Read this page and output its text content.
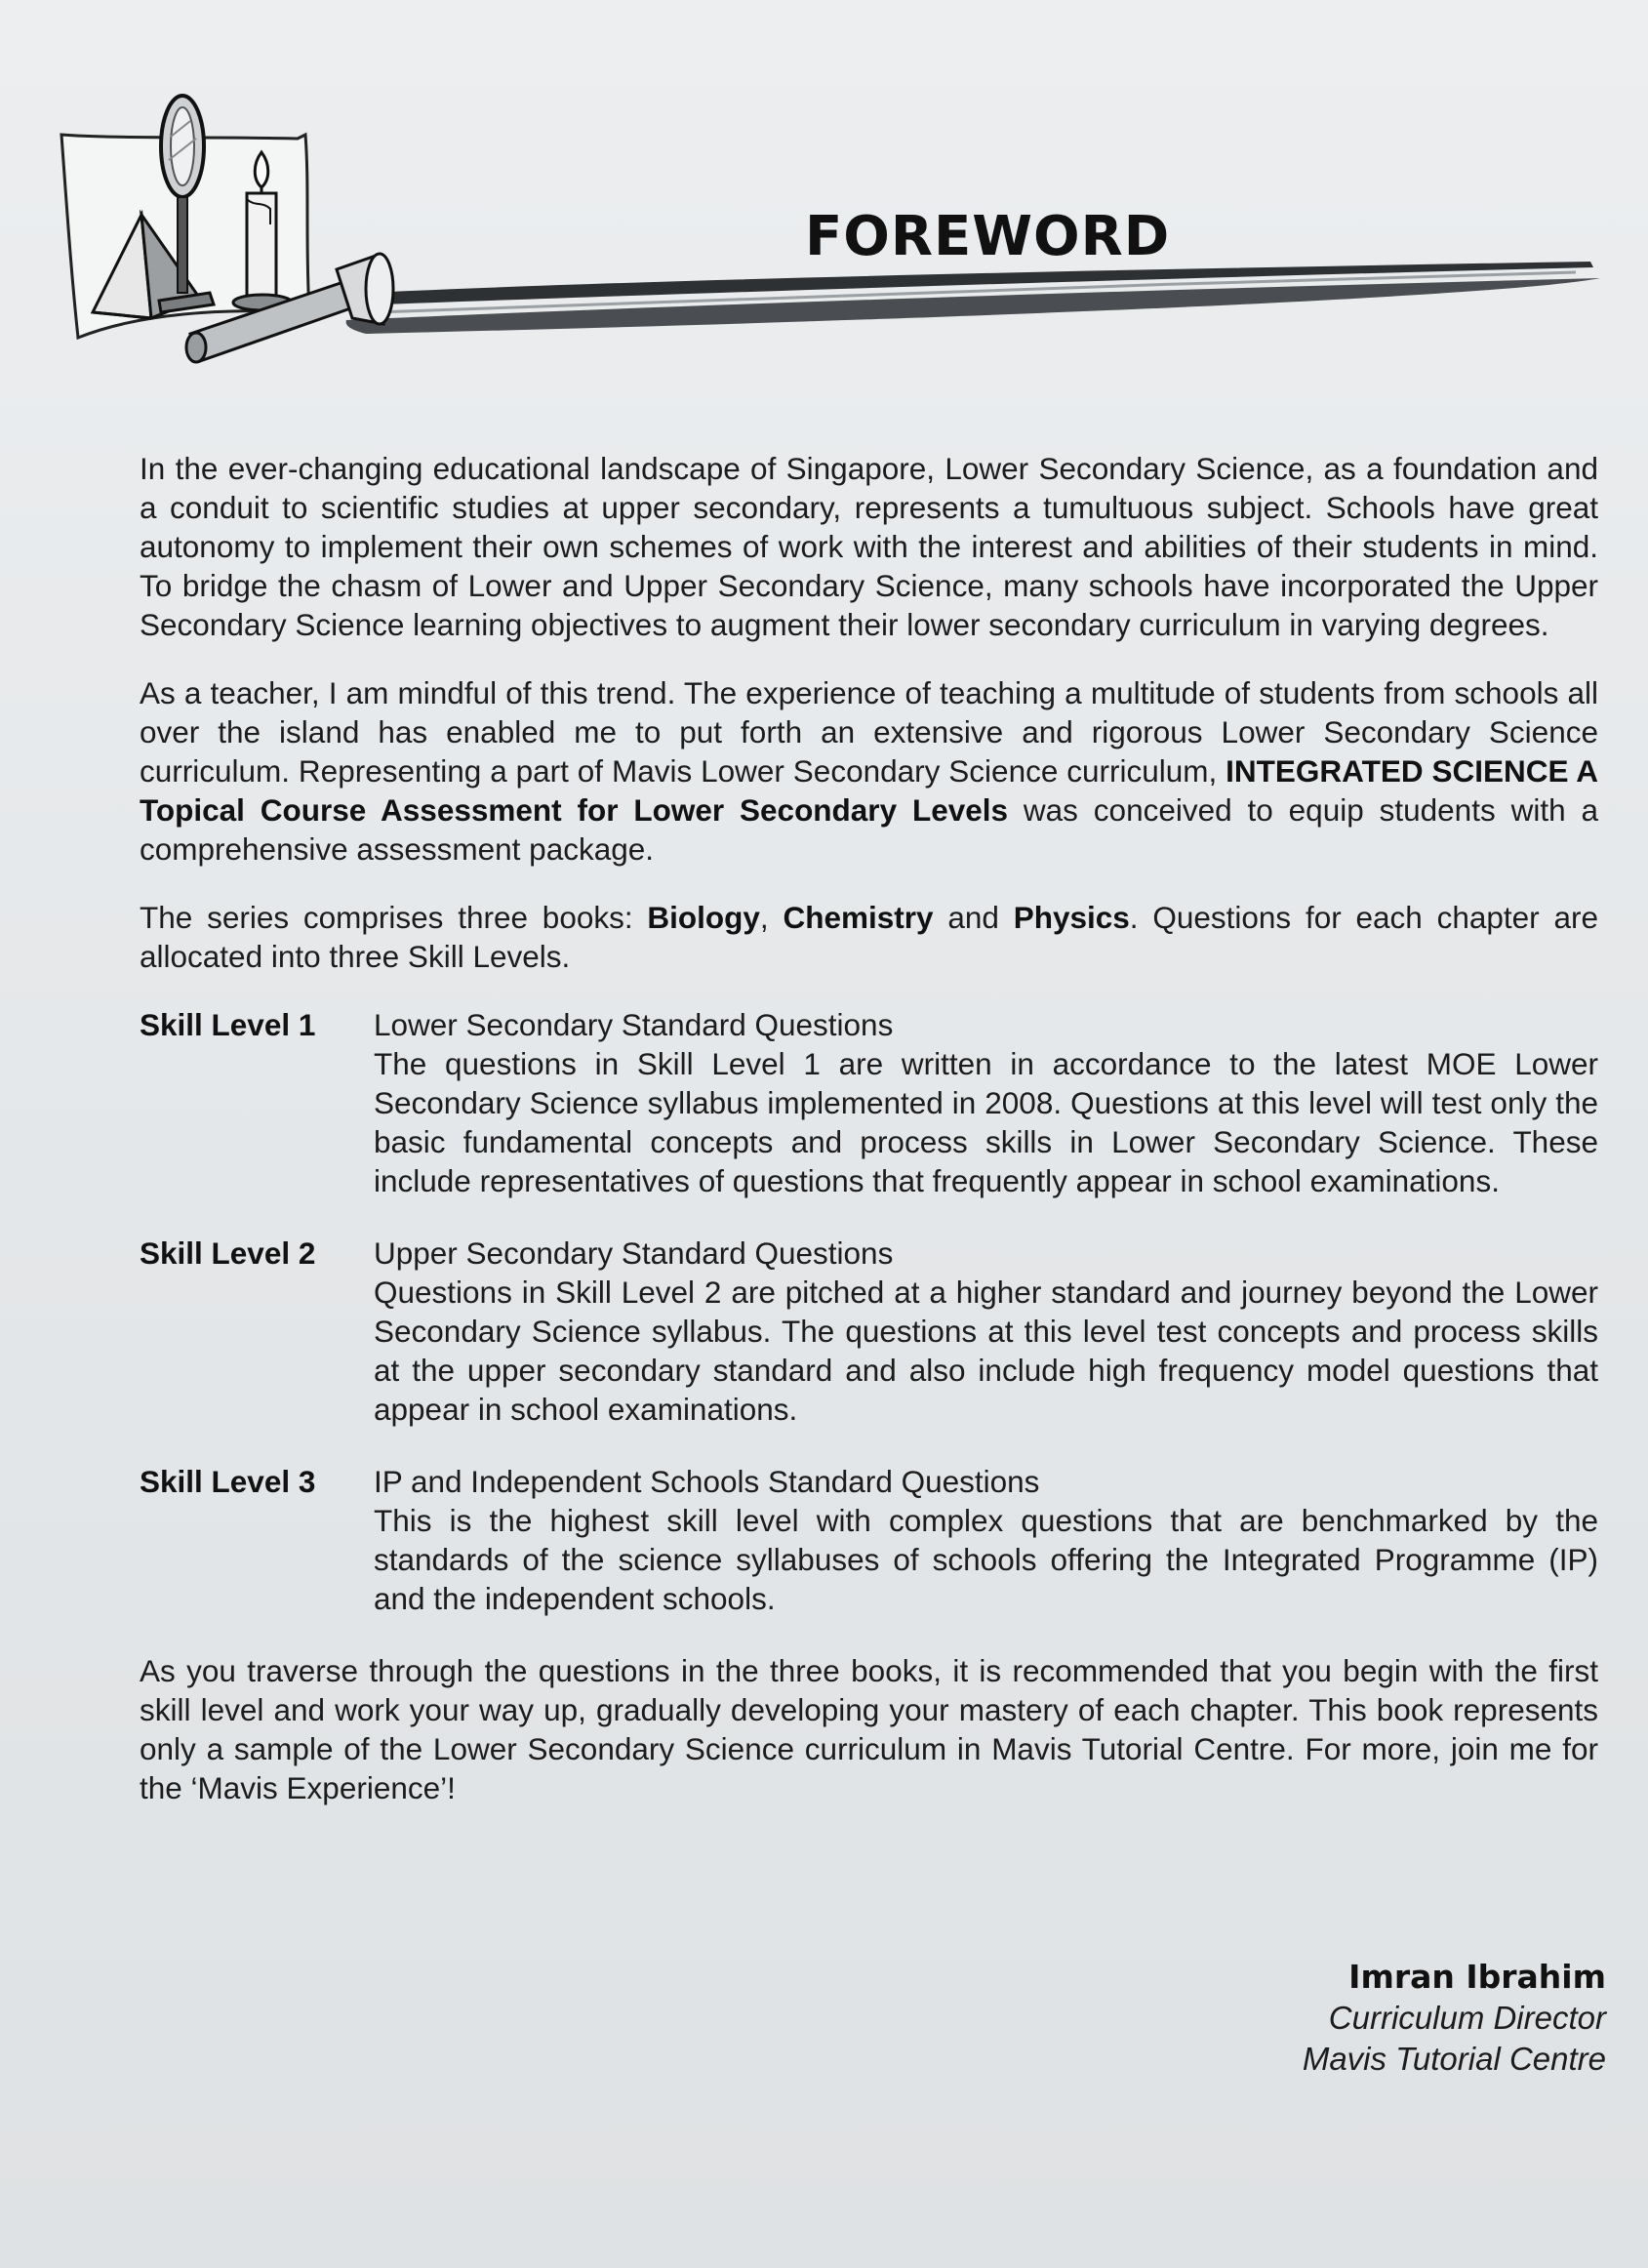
FOREWORD

In the ever-changing educational landscape of Singapore, Lower Secondary Science, as a foundation and a conduit to scientific studies at upper secondary, represents a tumultuous subject. Schools have great autonomy to implement their own schemes of work with the interest and abilities of their students in mind. To bridge the chasm of Lower and Upper Secondary Science, many schools have incorporated the Upper Secondary Science learning objectives to augment their lower secondary curriculum in varying degrees.

As a teacher, I am mindful of this trend. The experience of teaching a multitude of students from schools all over the island has enabled me to put forth an extensive and rigorous Lower Secondary Science curriculum. Representing a part of Mavis Lower Secondary Science curriculum, INTEGRATED SCIENCE A Topical Course Assessment for Lower Secondary Levels was conceived to equip students with a comprehensive assessment package.

The series comprises three books: Biology, Chemistry and Physics. Questions for each chapter are allocated into three Skill Levels.

Skill Level 1	Lower Secondary Standard Questions
The questions in Skill Level 1 are written in accordance to the latest MOE Lower Secondary Science syllabus implemented in 2008. Questions at this level will test only the basic fundamental concepts and process skills in Lower Secondary Science. These include representatives of questions that frequently appear in school examinations.
Skill Level 2	Upper Secondary Standard Questions
Questions in Skill Level 2 are pitched at a higher standard and journey beyond the Lower Secondary Science syllabus. The questions at this level test concepts and process skills at the upper secondary standard and also include high frequency model questions that appear in school examinations.
Skill Level 3	IP and Independent Schools Standard Questions
This is the highest skill level with complex questions that are benchmarked by the standards of the science syllabuses of schools offering the Integrated Programme (IP) and the independent schools.

As you traverse through the questions in the three books, it is recommended that you begin with the first skill level and work your way up, gradually developing your mastery of each chapter. This book represents only a sample of the Lower Secondary Science curriculum in Mavis Tutorial Centre. For more, join me for the ‘Mavis Experience’!

Imran Ibrahim
Curriculum Director
Mavis Tutorial Centre
